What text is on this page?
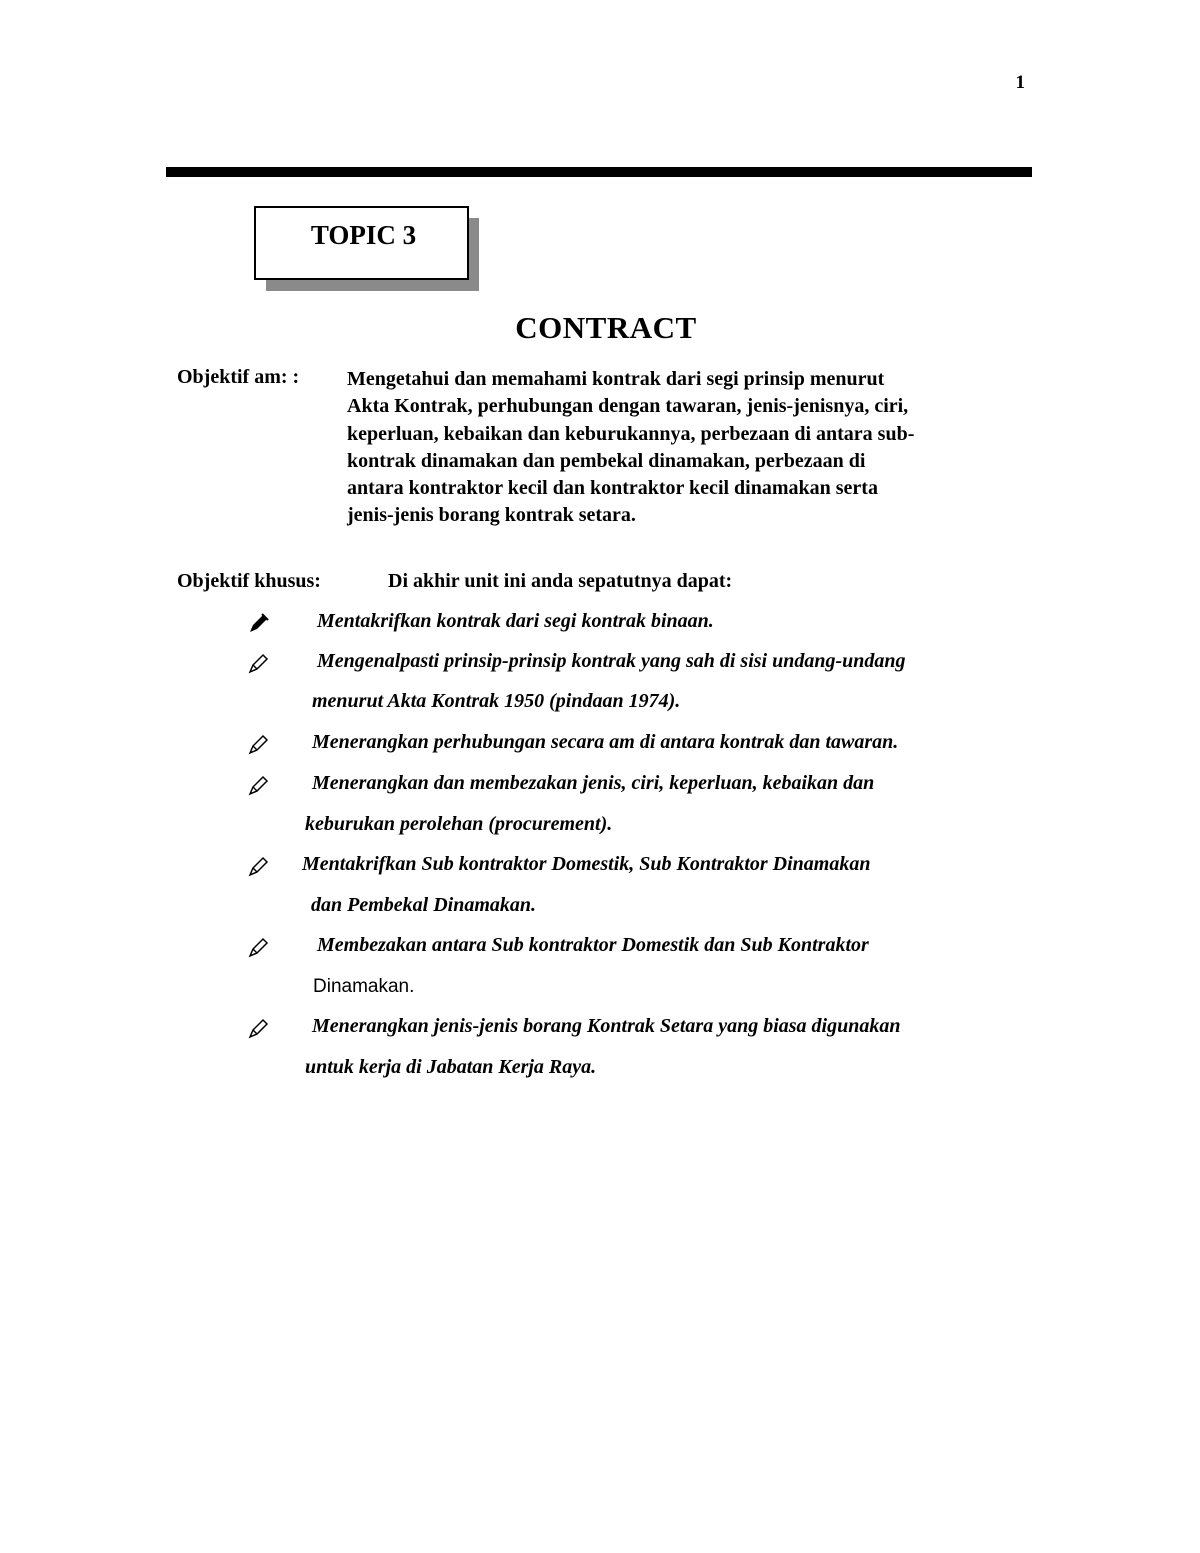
1
TOPIC 3
CONTRACT
Objektif am: : Mengetahui dan memahami kontrak dari segi prinsip menurut
Akta Kontrak, perhubungan dengan tawaran, jenis-jenisnya, ciri,
keperluan, kebaikan dan keburukannya, perbezaan di antara sub-
kontrak dinamakan dan pembekal dinamakan, perbezaan di
antara kontraktor kecil dan kontraktor kecil dinamakan serta
jenis-jenis borang kontrak setara.
Objektif khusus:	Di akhir unit ini anda sepatutnya dapat:
Mentakrifkan kontrak dari segi kontrak binaan.
Mengenalpasti prinsip-prinsip kontrak yang sah di sisi undang-undang
menurut Akta Kontrak 1950 (pindaan 1974).
Menerangkan perhubungan secara am di antara kontrak dan tawaran.
Menerangkan dan membezakan jenis, ciri, keperluan, kebaikan dan
keburukan perolehan (procurement).
Mentakrifkan Sub kontraktor Domestik, Sub Kontraktor Dinamakan
dan Pembekal Dinamakan.
Membezakan antara Sub kontraktor Domestik dan Sub Kontraktor
Dinamakan.
Menerangkan jenis-jenis borang Kontrak Setara yang biasa digunakan
untuk kerja di Jabatan Kerja Raya.
